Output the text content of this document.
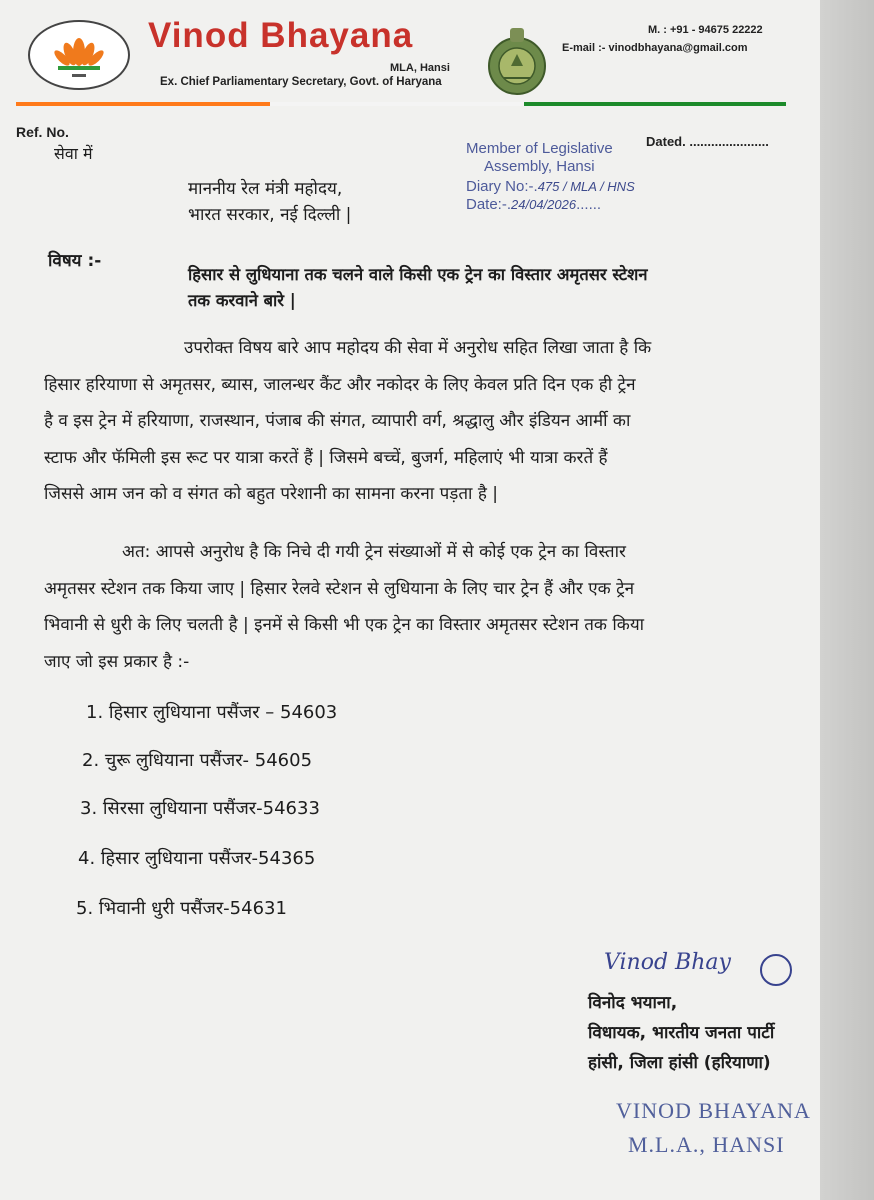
Vinod Bhayana
MLA, Hansi
Ex. Chief Parliamentary Secretary, Govt. of Haryana
M. : +91 - 94675 22222
E-mail :- vinodbhayana@gmail.com
Ref. No.
Dated. ......................
Member of Legislative
Assembly, Hansi
Diary No:-.475 / MLA / HNS
Date:-.24/04/2026......
सेवा में
माननीय रेल मंत्री महोदय,
भारत सरकार, नई दिल्ली |
विषय :-
हिसार से लुधियाना तक चलने वाले किसी एक ट्रेन का विस्तार अमृतसर स्टेशन
तक करवाने बारे |
उपरोक्त विषय बारे आप महोदय की सेवा में अनुरोध सहित लिखा जाता है कि
हिसार हरियाणा से अमृतसर, ब्यास, जालन्धर कैंट और नकोदर के लिए केवल प्रति दिन एक ही ट्रेन
है व इस ट्रेन में हरियाणा, राजस्थान, पंजाब की संगत, व्यापारी वर्ग, श्रद्धालु और इंडियन आर्मी का
स्टाफ और फॅमिली इस रूट पर यात्रा करतें हैं | जिसमे बच्चें, बुजर्ग, महिलाएं भी यात्रा करतें हैं
जिससे आम जन को व संगत को बहुत परेशानी का सामना करना पड़ता है |
अत: आपसे अनुरोध है कि निचे दी गयी ट्रेन संख्याओं में से कोई एक ट्रेन का विस्तार
अमृतसर स्टेशन तक किया जाए | हिसार रेलवे स्टेशन से लुधियाना के लिए चार ट्रेन हैं और एक ट्रेन
भिवानी से धुरी के लिए चलती है | इनमें से किसी भी एक ट्रेन का विस्तार अमृतसर स्टेशन तक किया
जाए जो इस प्रकार है :-
1. हिसार लुधियाना पसैंजर – 54603
2. चुरू लुधियाना पसैंजर- 54605
3. सिरसा लुधियाना पसैंजर-54633
4. हिसार लुधियाना पसैंजर-54365
5. भिवानी धुरी पसैंजर-54631
Vinod Bhay
विनोद भयाना,
विधायक, भारतीय जनता पार्टी
हांसी, जिला हांसी (हरियाणा)
VINOD BHAYANA
M.L.A., HANSI
